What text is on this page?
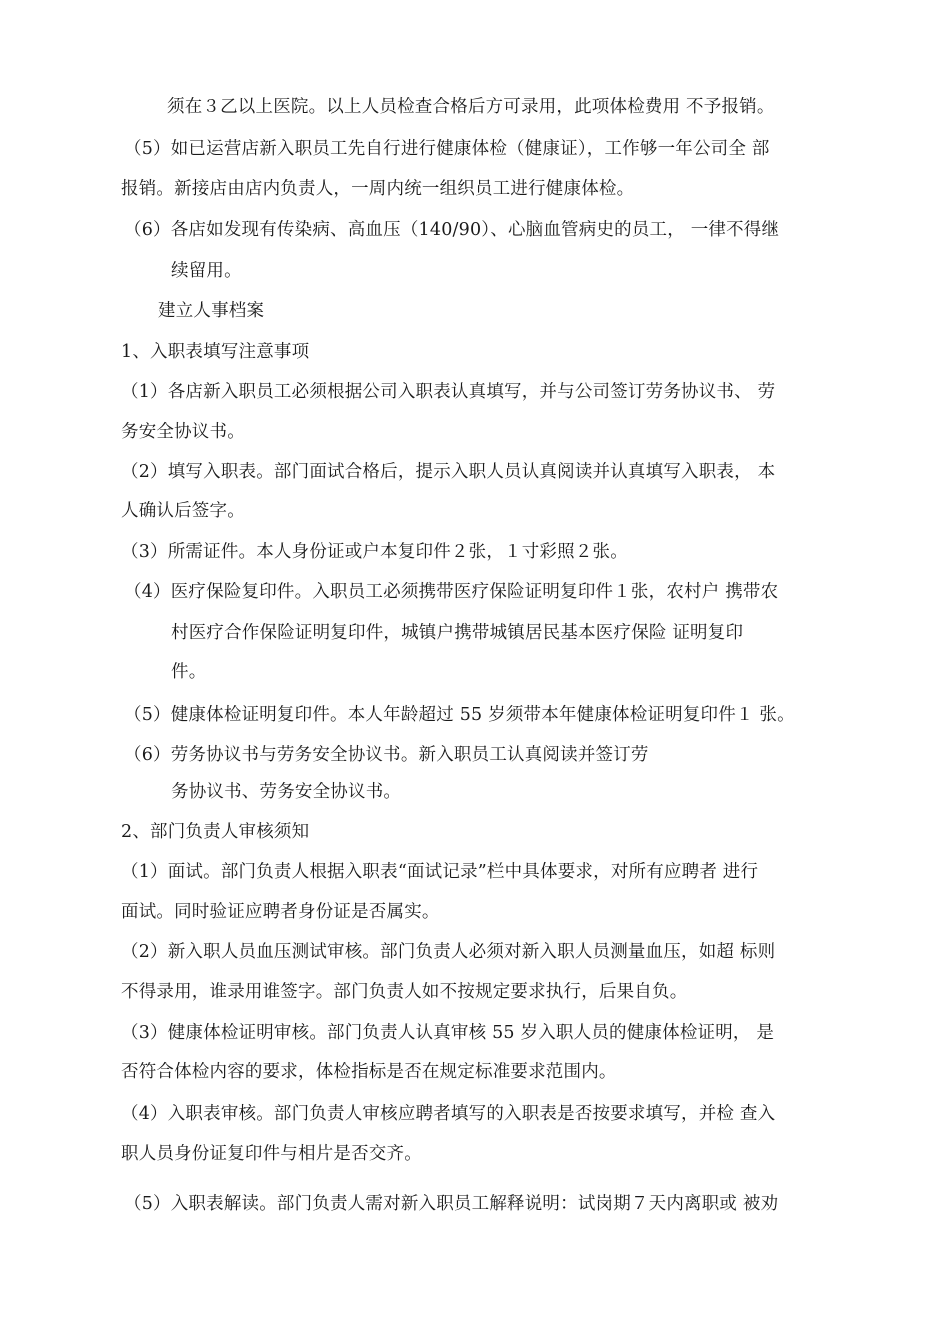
须在３乙以上医院。以上人员检查合格后方可录用，此项体检费用 不予报销。
（5）如已运营店新入职员工先自行进行健康体检（健康证），工作够一年公司全 部
报销。新接店由店内负责人，一周内统一组织员工进行健康体检。
（6）各店如发现有传染病、高血压（140/90）、心脑血管病史的员工， 一律不得继
续留用。
建立人事档案
1、入职表填写注意事项
（1）各店新入职员工必须根据公司入职表认真填写，并与公司签订劳务协议书、 劳
务安全协议书。
（2）填写入职表。部门面试合格后，提示入职人员认真阅读并认真填写入职表， 本
人确认后签字。
（3）所需证件。本人身份证或户本复印件２张，１寸彩照２张。
（4）医疗保险复印件。入职员工必须携带医疗保险证明复印件１张，农村户 携带农
村医疗合作保险证明复印件，城镇户携带城镇居民基本医疗保险 证明复印
件。
（5）健康体检证明复印件。本人年龄超过 55 岁须带本年健康体检证明复印件１ 张。
（6）劳务协议书与劳务安全协议书。新入职员工认真阅读并签订劳
务协议书、劳务安全协议书。
2、部门负责人审核须知
（1）面试。部门负责人根据入职表“面试记录”栏中具体要求，对所有应聘者 进行
面试。同时验证应聘者身份证是否属实。
（2）新入职人员血压测试审核。部门负责人必须对新入职人员测量血压，如超 标则
不得录用，谁录用谁签字。部门负责人如不按规定要求执行，后果自负。
（3）健康体检证明审核。部门负责人认真审核 55 岁入职人员的健康体检证明， 是
否符合体检内容的要求，体检指标是否在规定标准要求范围内。
（4）入职表审核。部门负责人审核应聘者填写的入职表是否按要求填写，并检 查入
职人员身份证复印件与相片是否交齐。
（5）入职表解读。部门负责人需对新入职员工解释说明：试岗期７天内离职或 被劝
